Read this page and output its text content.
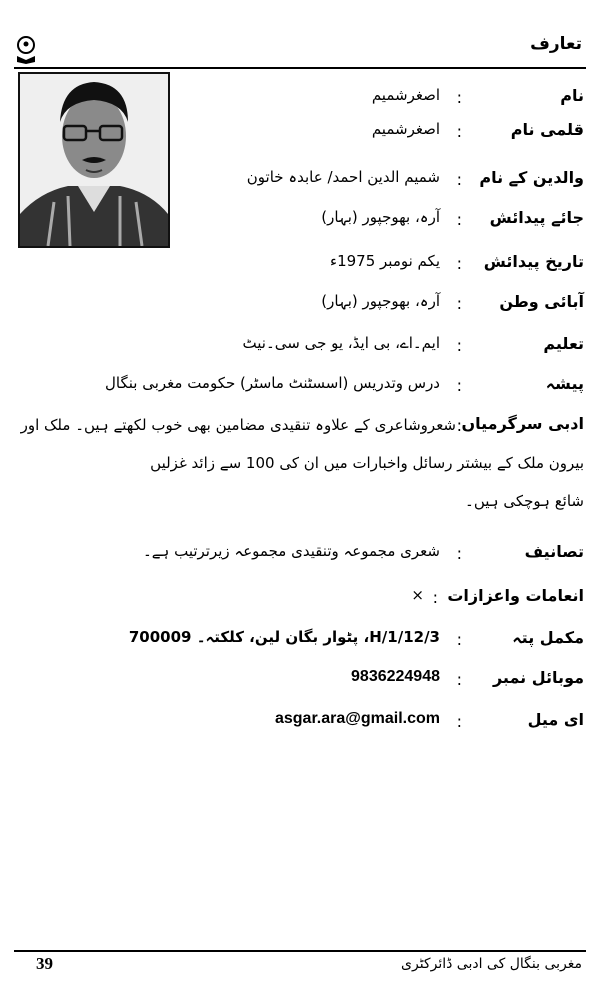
تعارف
نام
:
اصغرشمیم
قلمی نام
:
اصغرشمیم
والدین کے نام
:
شمیم الدین احمد/ عابدہ خاتون
جائے پیدائش
:
آرہ، بھوجپور (بہار)
تاریخ پیدائش
:
یکم نومبر 1975ء
آبائی وطن
:
آرہ، بھوجپور (بہار)
تعلیم
:
ایم۔اے، بی ایڈ، یو جی سی۔نیٹ
پیشہ
:
درس وتدریس (اسسٹنٹ ماسٹر) حکومت مغربی بنگال
ادبی سرگرمیاں
:
شعروشاعری کے علاوہ تنقیدی مضامین بھی خوب لکھتے ہیں۔ ملک اور
بیرون ملک کے بیشتر رسائل واخبارات میں ان کی 100 سے زائد غزلیں
شائع ہوچکی ہیں۔
تصانیف
:
شعری مجموعہ وتنقیدی مجموعہ زیرترتیب ہے۔
انعامات واعزازات
:
×
مکمل پتہ
:
12/3/H/1، پٹوار بگان لین، کلکتہ۔ 700009
موبائل نمبر
:
9836224948
ای میل
:
asgar.ara@gmail.com
39	مغربی بنگال کی ادبی ڈائرکٹری
